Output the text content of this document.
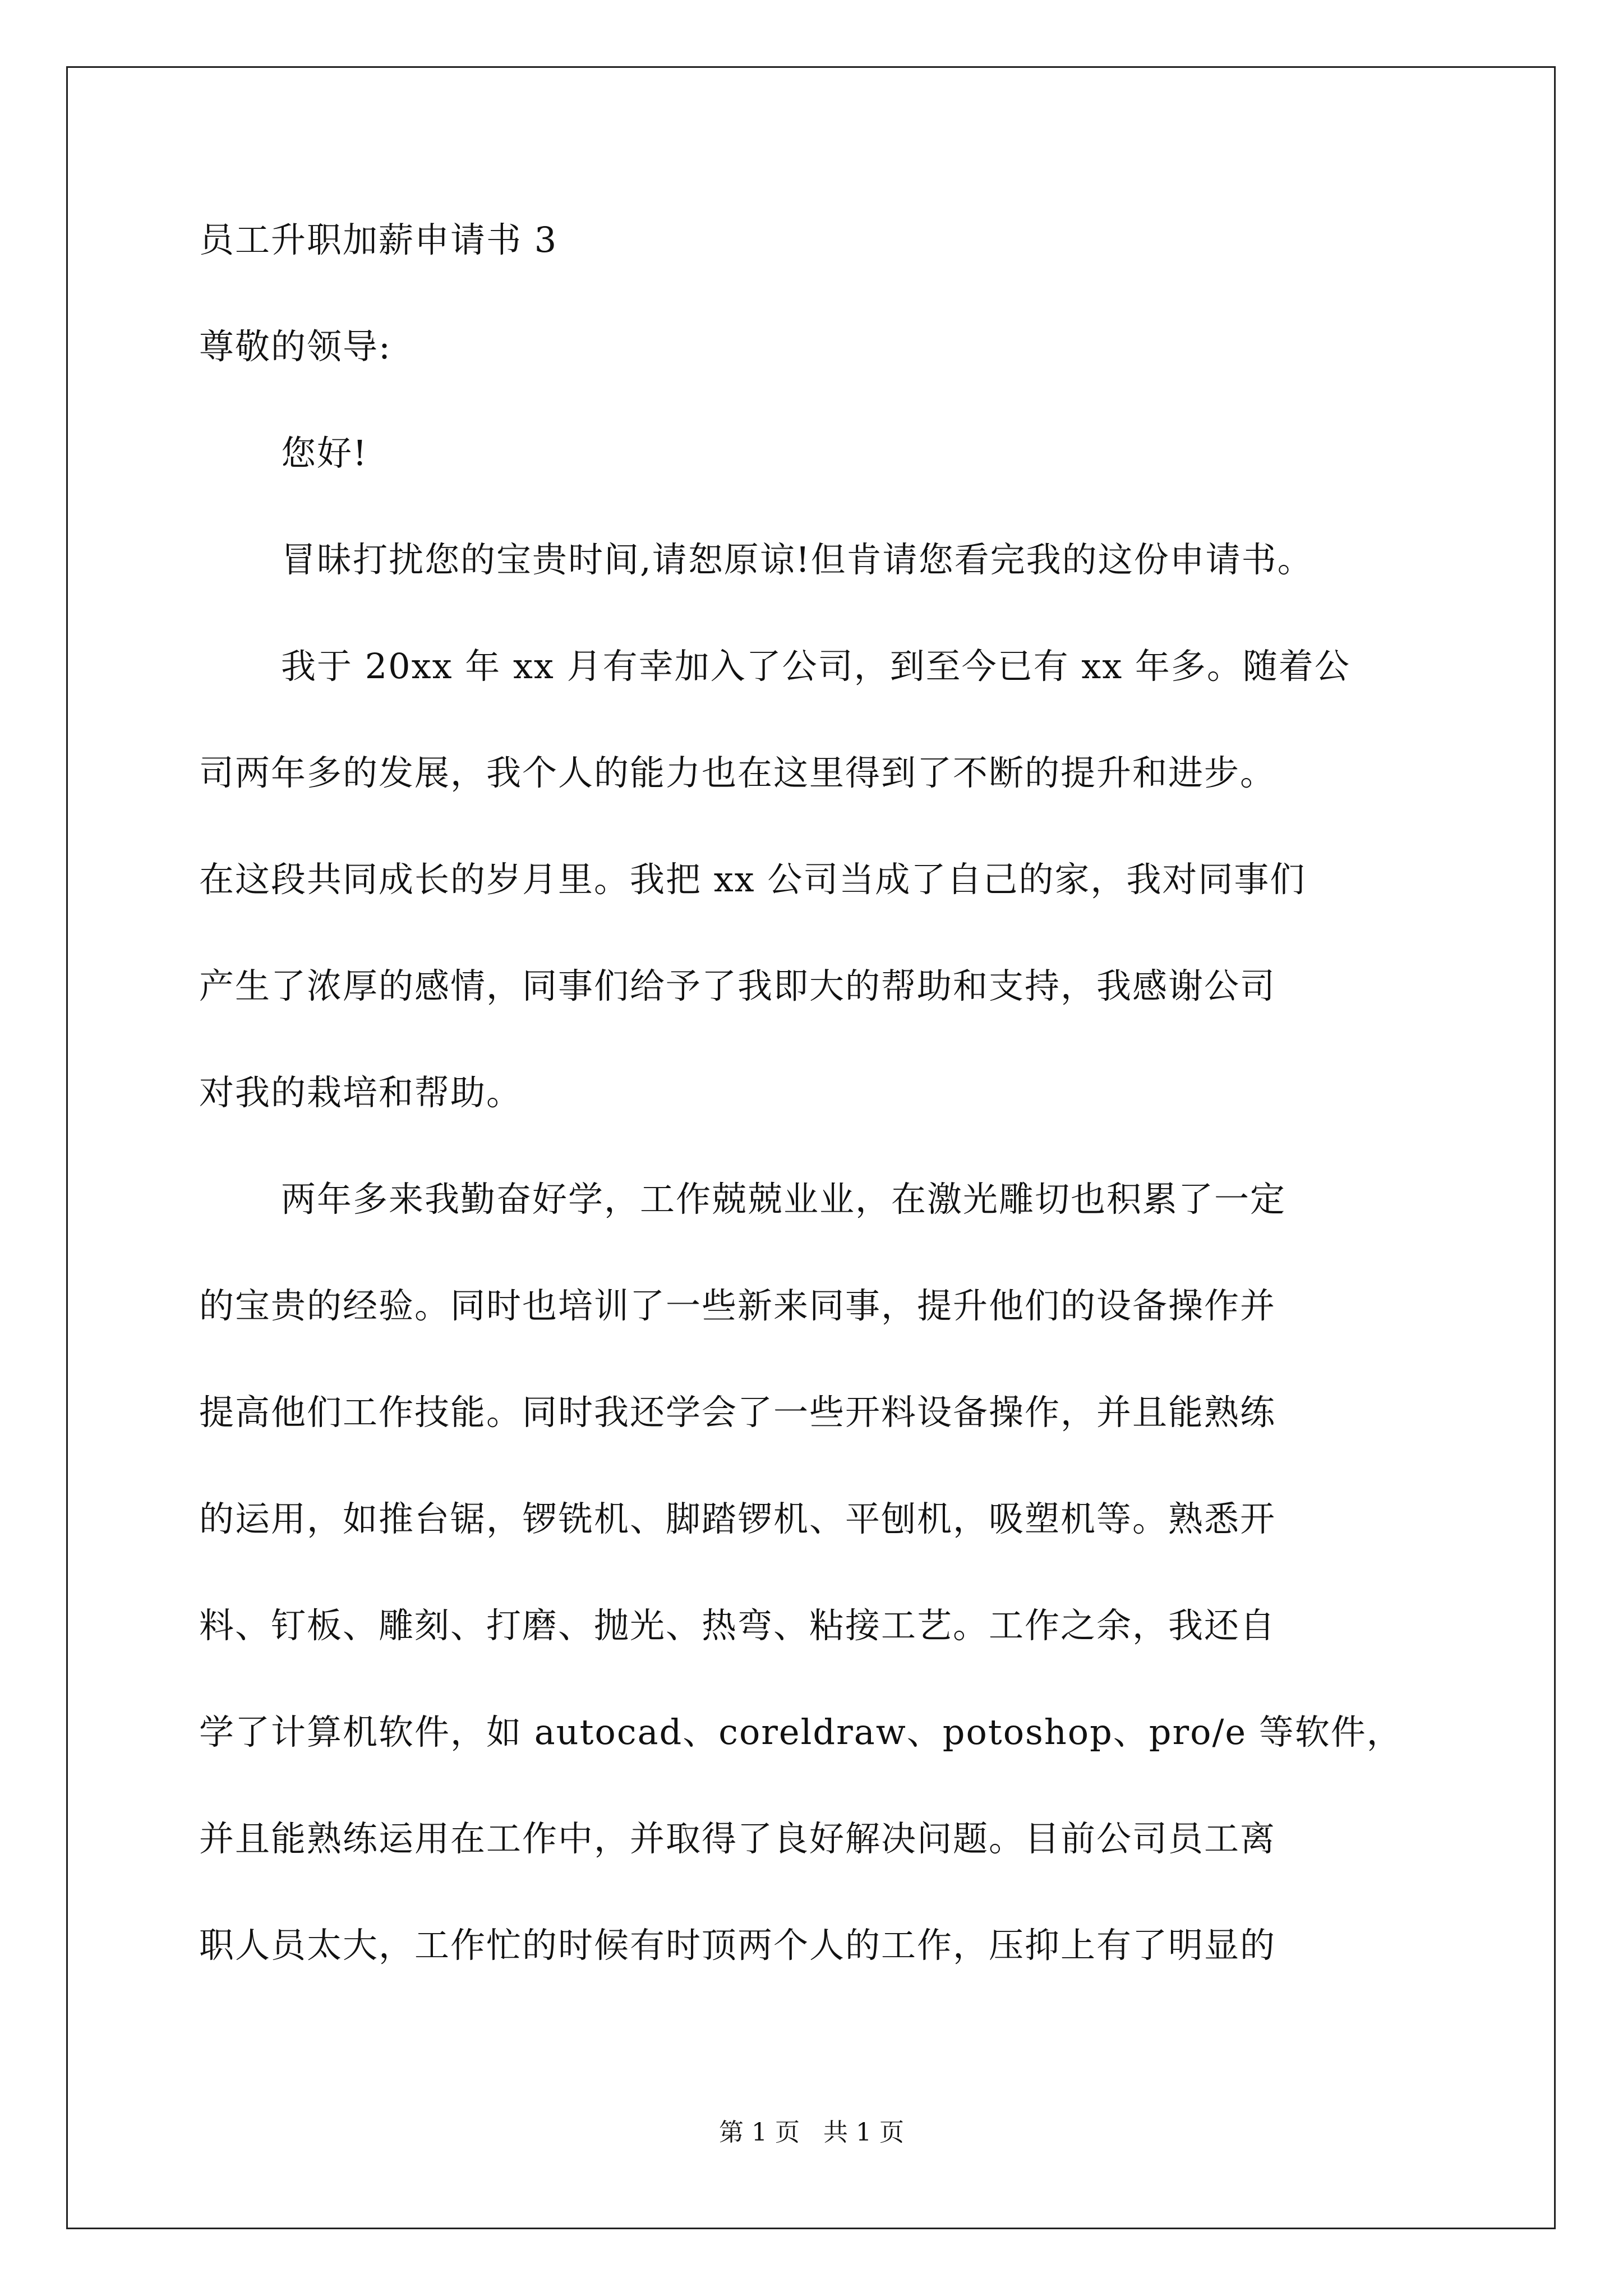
员工升职加薪申请书 3
尊敬的领导:
您好!
冒昧打扰您的宝贵时间,请恕原谅!但肯请您看完我的这份申请书。
我于 20xx 年 xx 月有幸加入了公司，到至今已有 xx 年多。随着公
司两年多的发展，我个人的能力也在这里得到了不断的提升和进步。
在这段共同成长的岁月里。我把 xx 公司当成了自己的家，我对同事们
产生了浓厚的感情，同事们给予了我即大的帮助和支持，我感谢公司
对我的栽培和帮助。
两年多来我勤奋好学，工作兢兢业业，在激光雕切也积累了一定
的宝贵的经验。同时也培训了一些新来同事，提升他们的设备操作并
提高他们工作技能。同时我还学会了一些开料设备操作，并且能熟练
的运用，如推台锯，锣铣机、脚踏锣机、平刨机，吸塑机等。熟悉开
料、钉板、雕刻、打磨、抛光、热弯、粘接工艺。工作之余，我还自
学了计算机软件，如 autocad、coreldraw、potoshop、pro/e 等软件，
并且能熟练运用在工作中，并取得了良好解决问题。目前公司员工离
职人员太大，工作忙的时候有时顶两个人的工作，压抑上有了明显的
第 1 页 共 1 页
